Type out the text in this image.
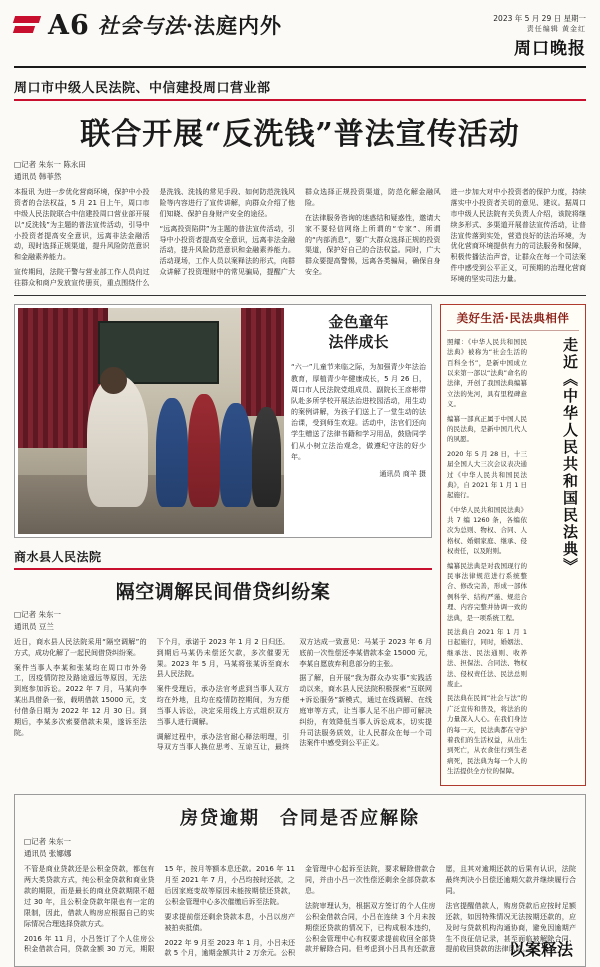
A6 社会与法·法庭内外	2023 年 5 月 29 日 星期一
责任编辑 黄金红
周口晚报
周口市中级人民法院、中信建投周口营业部
联合开展“反洗钱”普法宣传活动
□记者 朱东一 陈永田
通讯员 韩菲然

本报讯 为进一步优化营商环境，保护中小投资者的合法权益，5 月 21 日上午，周口市中级人民法院联合中信建投周口营业部开展以“反洗钱”为主题的普法宣传活动，引导中小投资者提高安全意识，远离非法金融活动，现时选择正规渠道，提升风险防范意识和金融素养能力。

宣传期间，法院干警与营业部工作人员向过往群众和商户发放宣传册页，重点围绕什么是洗钱、洗钱的常见手段、如何防范洗钱风险等内容进行了宣传讲解，向群众介绍了他们知晓、保护自身财产安全的途径。

“远离投资陷阱”为主题的普法宣传活动，引导中小投资者提高安全意识，远离非法金融活动，提升风险防范意识和金融素养能力。活动现场，工作人员以案释法的形式，向群众讲解了投资理财中的常见骗局，提醒广大群众选择正规投资渠道，防范化解金融风险。

在法律服务咨询的迷惑结和疑惑性，邀请大家不要轻信网络上所谓的“专家”、所谓的“内部消息”，要广大群众选择正规的投资渠道，保护好自己的合法权益。同时，广大群众要提高警惕，远离各类骗局，确保自身安全。

进一步加大对中小投资者的保护力度，持续落实中小投资者关切的意见、建议。据周口市中级人民法院有关负责人介绍，该院将继续多形式、多渠道开展普法宣传活动，让普法宣传落到实处，营造良好的法治环境，为优化营商环境提供有力的司法服务和保障，积极传播法治声音，让群众在每一个司法案件中感受到公平正义，可预期的治理化营商环境的坚实司法力量。

金色童年
法伴成长
“六一”儿童节来临之际，为加强青少年法治教育，厚植青少年健康成长，5 月 26 日，周口市人民法院党组成员、副院长王彦彬带队赴多所学校开展法治进校园活动，用生动的案例讲解，为孩子们送上了一堂生动的法治课，受到师生欢迎。活动中，法官们还向学生赠送了法律书籍和学习用品，鼓励同学们从小树立法治观念，做遵纪守法的好少年。
通讯员 商羊 摄
商水县人民法院
隔空调解民间借贷纠纷案
□记者 朱东一
通讯员 豆兰

近日，商水县人民法院采用“隔空调解”的方式，成功化解了一起民间借贷纠纷案。

案件当事人李某和张某均在周口市外务工，因疫情防控及路途遥远等原因，无法到庭参加诉讼。2022 年 7 月，马某向李某出具借条一张，载明借款 15000 元，支付借条日期为 2022 年 12 月 30 日。到期后，李某多次索要借款未果，遂诉至法院。

下个月，承诺于 2023 年 1 月 2 日归还。到期后马某仍未偿还欠款，多次催要无果。2023 年 5 月，马某将张某诉至商水县人民法院。

案件受理后，承办法官考虑到当事人双方均在外地，且均在疫情防控期间，为方便当事人诉讼，决定采用线上方式组织双方当事人进行调解。

调解过程中，承办法官耐心释法明理，引导双方当事人换位思考、互谅互让，最终双方达成一致意见：马某于 2023 年 6 月底前一次性偿还李某借款本金 15000 元，李某自愿放弃利息部分的主张。

据了解，自开展“我为群众办实事”实践活动以来，商水县人民法院积极探索“互联网+诉讼服务”新模式，通过在线调解、在线庭审等方式，让当事人足不出户即可解决纠纷，有效降低当事人诉讼成本，切实提升司法服务质效，让人民群众在每一个司法案件中感受到公平正义。

美好生活·民法典相伴

照耀：《中华人民共和国民法典》被称为“社会生活的百科全书”，是新中国成立以来第一部以“法典”命名的法律，开创了我国法典编纂立法的先河，具有里程碑意义。

编纂一部真正属于中国人民的民法典，是新中国几代人的夙愿。

2020 年 5 月 28 日，十三届全国人大三次会议表决通过《中华人民共和国民法典》，自 2021 年 1 月 1 日起施行。

《中华人民共和国民法典》共 7 编 1260 条，各编依次为总则、物权、合同、人格权、婚姻家庭、继承、侵权责任，以及附则。

编纂民法典是对我国现行的民事法律规范进行系统整合、修改完善，形成一部体例科学、结构严谨、规范合理、内容完整并协调一致的法典，是一项系统工程。

民法典自 2021 年 1 月 1 日起施行，同时，婚姻法、继承法、民法通则、收养法、担保法、合同法、物权法、侵权责任法、民法总则废止。

民法典在民间“社会与法”的广泛宣传和普及，将法治的力量深入人心。在我们身边的每一天，民法典都在守护着我们的生活权益，从出生到死亡，从衣食住行到生老病死，民法典为每一个人的生活提供全方位的保障。

走近《中华人民共和国民法典》
房贷逾期　合同是否应解除
□记者 朱东一
通讯员 张娜娜

不管是商业贷款还是公积金贷款，都包有两大类贷款方式，纯公积金贷款和商业贷款的期限，而是最长的商业贷款期限不超过 30 年，且公积金贷款年限也有一定的限制，因此，借款人购房应根据自己的实际情况合理选择贷款方式。

2016 年 11 月，小吕签订了个人住房公积金借款合同，贷款金额 30 万元，期限 15 年，按月等额本息还款。2016 年 11 月至 2021 年 7 月，小吕均按时还款，之后因家庭变故等原因未能按期偿还贷款，公积金管理中心多次催缴后诉至法院。

要求提前偿还剩余贷款本息，小吕以房产被拍卖抵债。

2022 年 9 月至 2023 年 1 月，小吕未还款 5 个月，逾期金额共计 2 万余元。公积金管理中心起诉至法院，要求解除借款合同，并由小吕一次性偿还剩余全部贷款本息。

法院审理认为，根据双方签订的个人住房公积金借款合同，小吕在连续 3 个月未按期偿还贷款的情况下，已构成根本违约，公积金管理中心有权要求提前收回全部贷款并解除合同。但考虑到小吕具有还款意愿，且其对逾期还款的后果有认识，法院最终判决小吕偿还逾期欠款并继续履行合同。

法官提醒借款人，购房贷款后应按时足额还款，如因特殊情况无法按期还款的，应及时与贷款机构沟通协商，避免因逾期产生不良征信记录，甚至面临被解除合同、提前收回贷款的法律风险。

以案释法
